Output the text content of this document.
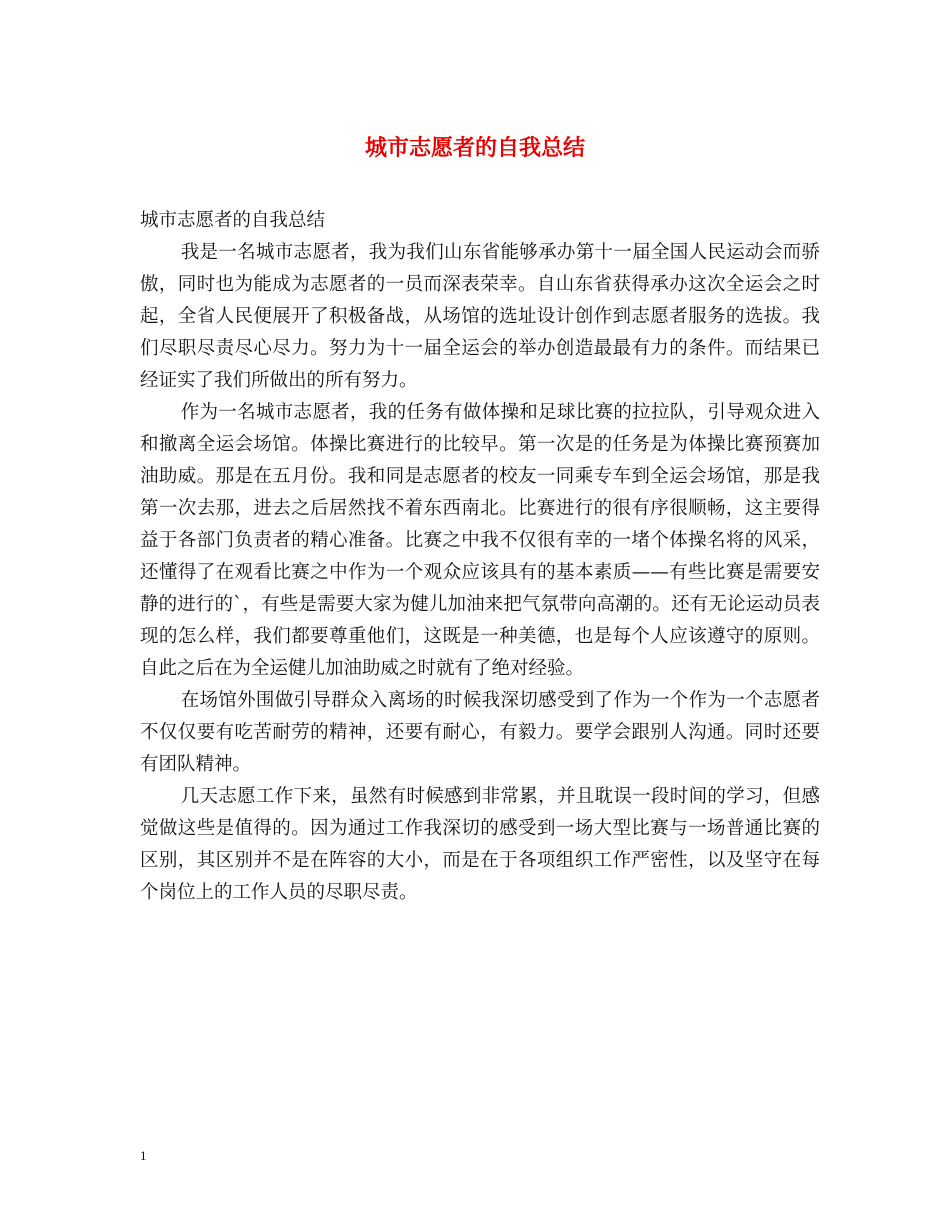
城市志愿者的自我总结

城市志愿者的自我总结

我是一名城市志愿者，我为我们山东省能够承办第十一届全国人民运动会而骄傲，同时也为能成为志愿者的一员而深表荣幸。自山东省获得承办这次全运会之时起，全省人民便展开了积极备战，从场馆的选址设计创作到志愿者服务的选拔。我们尽职尽责尽心尽力。努力为十一届全运会的举办创造最最有力的条件。而结果已经证实了我们所做出的所有努力。

作为一名城市志愿者，我的任务有做体操和足球比赛的拉拉队，引导观众进入和撤离全运会场馆。体操比赛进行的比较早。第一次是的任务是为体操比赛预赛加油助威。那是在五月份。我和同是志愿者的校友一同乘专车到全运会场馆，那是我第一次去那，进去之后居然找不着东西南北。比赛进行的很有序很顺畅，这主要得益于各部门负责者的精心准备。比赛之中我不仅很有幸的一堵个体操名将的风采，还懂得了在观看比赛之中作为一个观众应该具有的基本素质——有些比赛是需要安静的进行的`，有些是需要大家为健儿加油来把气氛带向高潮的。还有无论运动员表现的怎么样，我们都要尊重他们，这既是一种美德，也是每个人应该遵守的原则。自此之后在为全运健儿加油助威之时就有了绝对经验。

在场馆外围做引导群众入离场的时候我深切感受到了作为一个作为一个志愿者不仅仅要有吃苦耐劳的精神，还要有耐心，有毅力。要学会跟别人沟通。同时还要有团队精神。

几天志愿工作下来，虽然有时候感到非常累，并且耽误一段时间的学习，但感觉做这些是值得的。因为通过工作我深切的感受到一场大型比赛与一场普通比赛的区别，其区别并不是在阵容的大小，而是在于各项组织工作严密性，以及坚守在每个岗位上的工作人员的尽职尽责。

1
